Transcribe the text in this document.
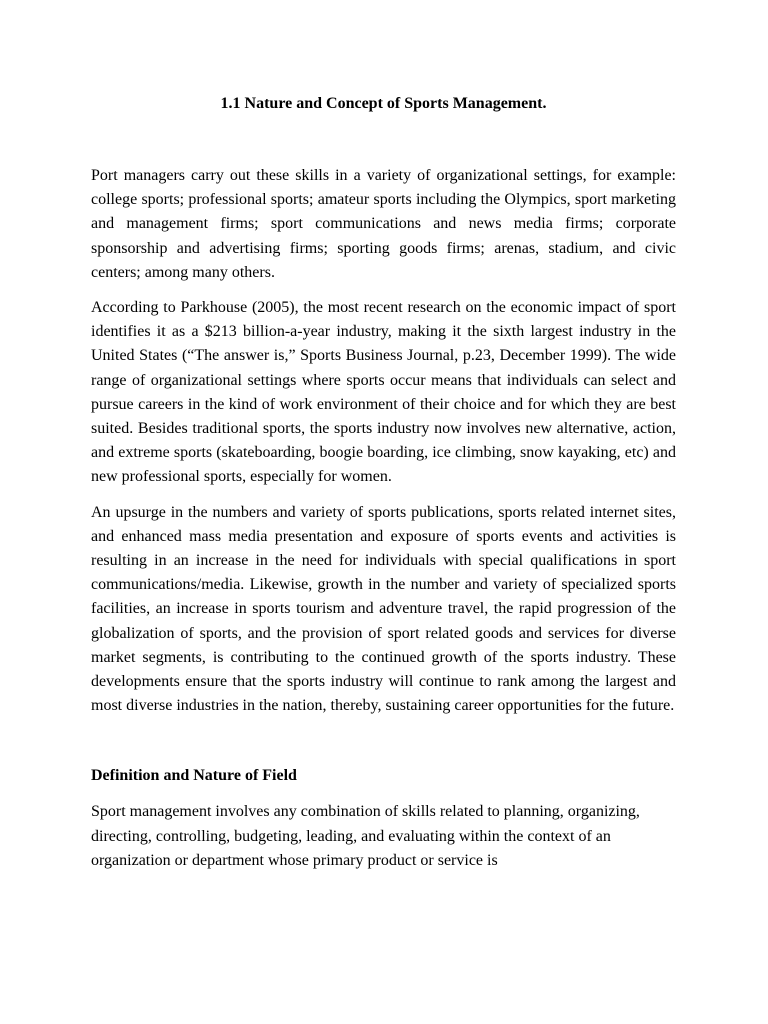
1.1 Nature and Concept of Sports Management.

Port managers carry out these skills in a variety of organizational settings, for example: college sports; professional sports; amateur sports including the Olympics, sport marketing and management firms; sport communications and news media firms; corporate sponsorship and advertising firms; sporting goods firms; arenas, stadium, and civic centers; among many others.

According to Parkhouse (2005), the most recent research on the economic impact of sport identifies it as a $213 billion-a-year industry, making it the sixth largest industry in the United States (“The answer is,” Sports Business Journal, p.23, December 1999). The wide range of organizational settings where sports occur means that individuals can select and pursue careers in the kind of work environment of their choice and for which they are best suited. Besides traditional sports, the sports industry now involves new alternative, action, and extreme sports (skateboarding, boogie boarding, ice climbing, snow kayaking, etc) and new professional sports, especially for women.

An upsurge in the numbers and variety of sports publications, sports related internet sites, and enhanced mass media presentation and exposure of sports events and activities is resulting in an increase in the need for individuals with special qualifications in sport communications/media. Likewise, growth in the number and variety of specialized sports facilities, an increase in sports tourism and adventure travel, the rapid progression of the globalization of sports, and the provision of sport related goods and services for diverse market segments, is contributing to the continued growth of the sports industry. These developments ensure that the sports industry will continue to rank among the largest and most diverse industries in the nation, thereby, sustaining career opportunities for the future.

Definition and Nature of Field

Sport management involves any combination of skills related to planning, organizing, directing, controlling, budgeting, leading, and evaluating within the context of an organization or department whose primary product or service is
